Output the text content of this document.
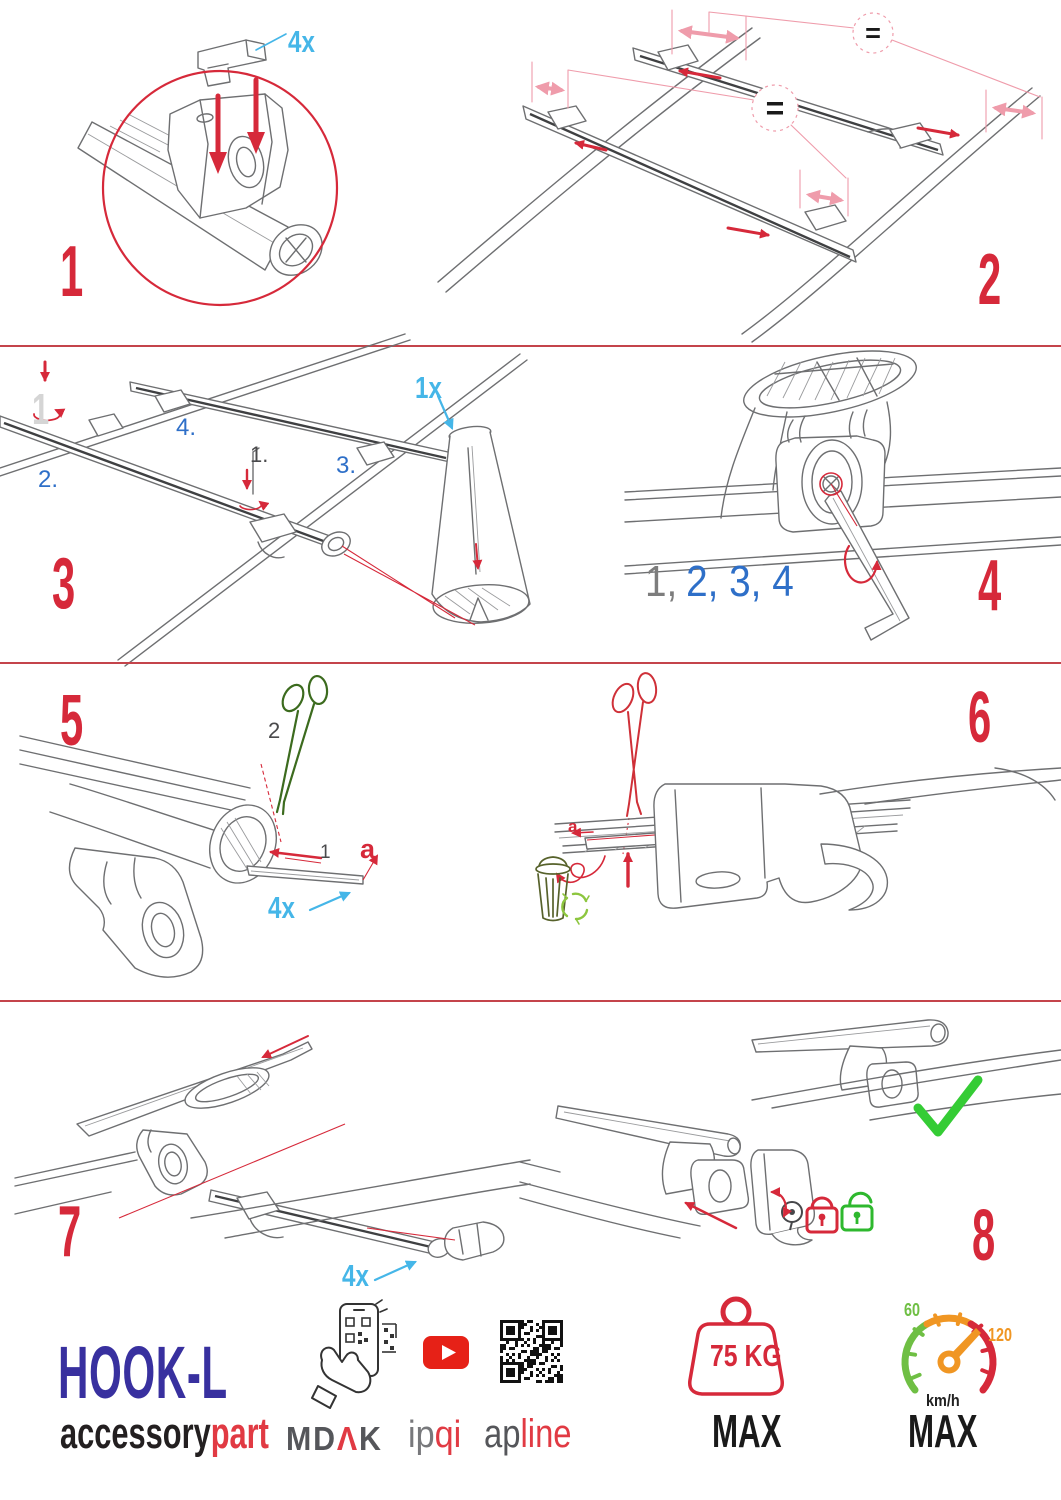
4x
1
=
=
2
1
2.
4.
1.	3.
1x
3	1, 2, 3, 4	4
2
1 a
4x
5
a
6
4x
7	8
HOOK-L
accessorypart MDΛK ipqi apline
75 KG
MAX
60
120
km/h
MAX
